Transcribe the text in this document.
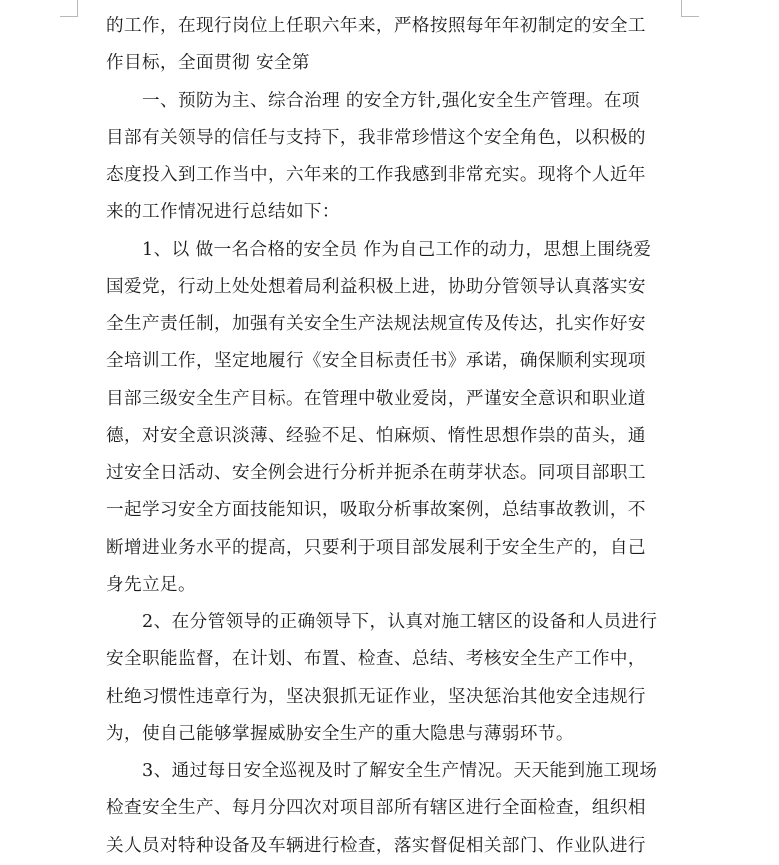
的工作，在现行岗位上任职六年来，严格按照每年年初制定的安全工
作目标，全面贯彻 安全第
一、预防为主、综合治理 的安全方针,强化安全生产管理。在项
目部有关领导的信任与支持下，我非常珍惜这个安全角色，以积极的
态度投入到工作当中，六年来的工作我感到非常充实。现将个人近年
来的工作情况进行总结如下：
1、以 做一名合格的安全员 作为自己工作的动力，思想上围绕爱
国爱党，行动上处处想着局利益积极上进，协助分管领导认真落实安
全生产责任制，加强有关安全生产法规法规宣传及传达，扎实作好安
全培训工作，坚定地履行《安全目标责任书》承诺，确保顺利实现项
目部三级安全生产目标。在管理中敬业爱岗，严谨安全意识和职业道
德，对安全意识淡薄、经验不足、怕麻烦、惰性思想作祟的苗头，通
过安全日活动、安全例会进行分析并扼杀在萌芽状态。同项目部职工
一起学习安全方面技能知识，吸取分析事故案例，总结事故教训，不
断增进业务水平的提高，只要利于项目部发展利于安全生产的，自己
身先立足。
2、在分管领导的正确领导下，认真对施工辖区的设备和人员进行
安全职能监督，在计划、布置、检查、总结、考核安全生产工作中，
杜绝习惯性违章行为，坚决狠抓无证作业，坚决惩治其他安全违规行
为，使自己能够掌握威胁安全生产的重大隐患与薄弱环节。
3、通过每日安全巡视及时了解安全生产情况。天天能到施工现场
检查安全生产、每月分四次对项目部所有辖区进行全面检查，组织相
关人员对特种设备及车辆进行检查，落实督促相关部门、作业队进行
